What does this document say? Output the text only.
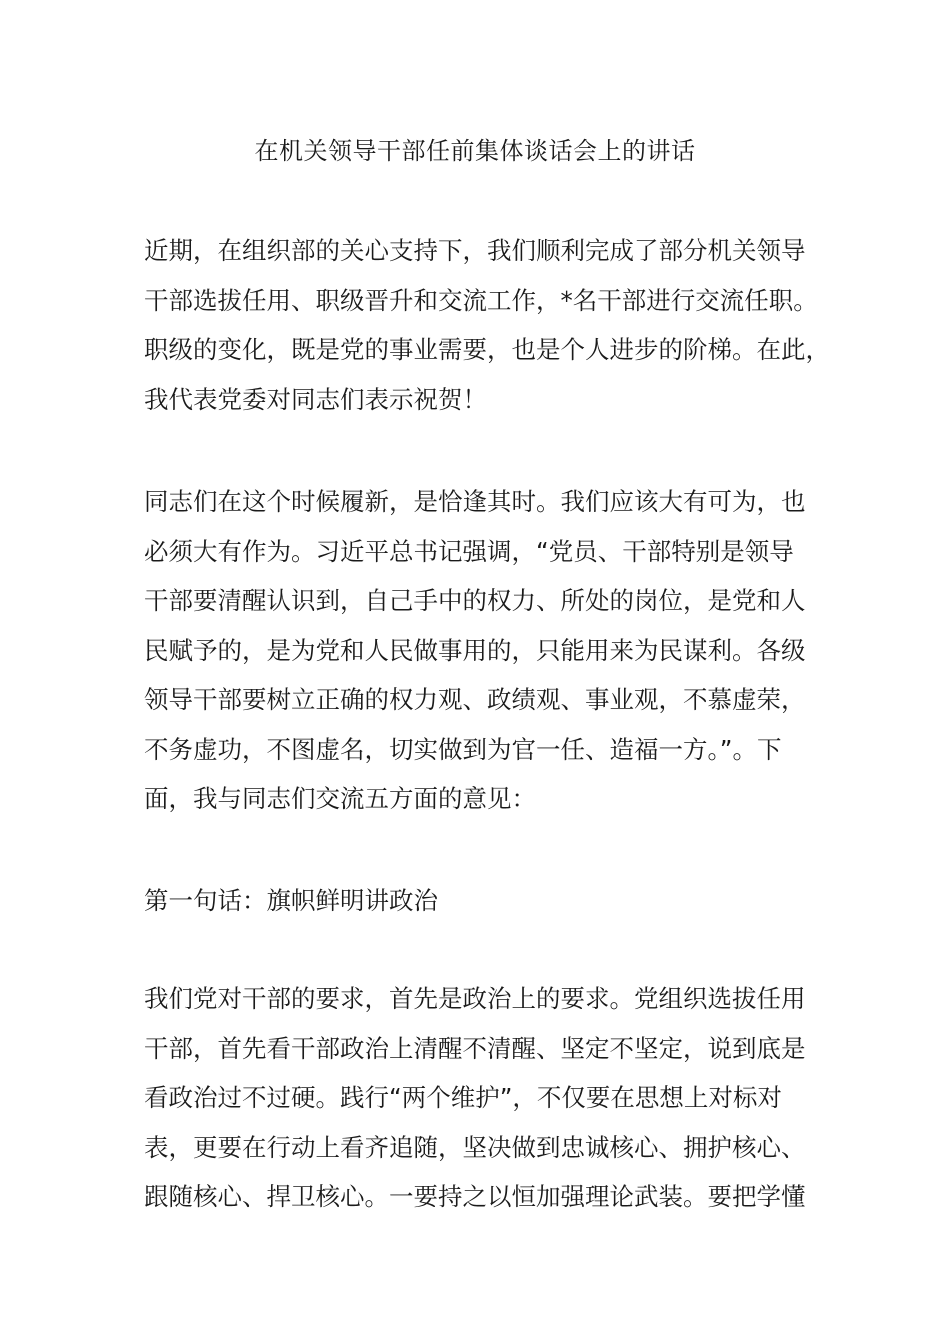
在机关领导干部任前集体谈话会上的讲话
近期，在组织部的关心支持下，我们顺利完成了部分机关领导
干部选拔任用、职级晋升和交流工作，*名干部进行交流任职。
职级的变化，既是党的事业需要，也是个人进步的阶梯。在此，
我代表党委对同志们表示祝贺！
同志们在这个时候履新，是恰逢其时。我们应该大有可为，也
必须大有作为。习近平总书记强调，“党员、干部特别是领导
干部要清醒认识到，自己手中的权力、所处的岗位，是党和人
民赋予的，是为党和人民做事用的，只能用来为民谋利。各级
领导干部要树立正确的权力观、政绩观、事业观，不慕虚荣，
不务虚功，不图虚名，切实做到为官一任、造福一方。”。下
面，我与同志们交流五方面的意见：
第一句话：旗帜鲜明讲政治
我们党对干部的要求，首先是政治上的要求。党组织选拔任用
干部，首先看干部政治上清醒不清醒、坚定不坚定，说到底是
看政治过不过硬。践行“两个维护”，不仅要在思想上对标对
表，更要在行动上看齐追随，坚决做到忠诚核心、拥护核心、
跟随核心、捍卫核心。一要持之以恒加强理论武装。要把学懂
